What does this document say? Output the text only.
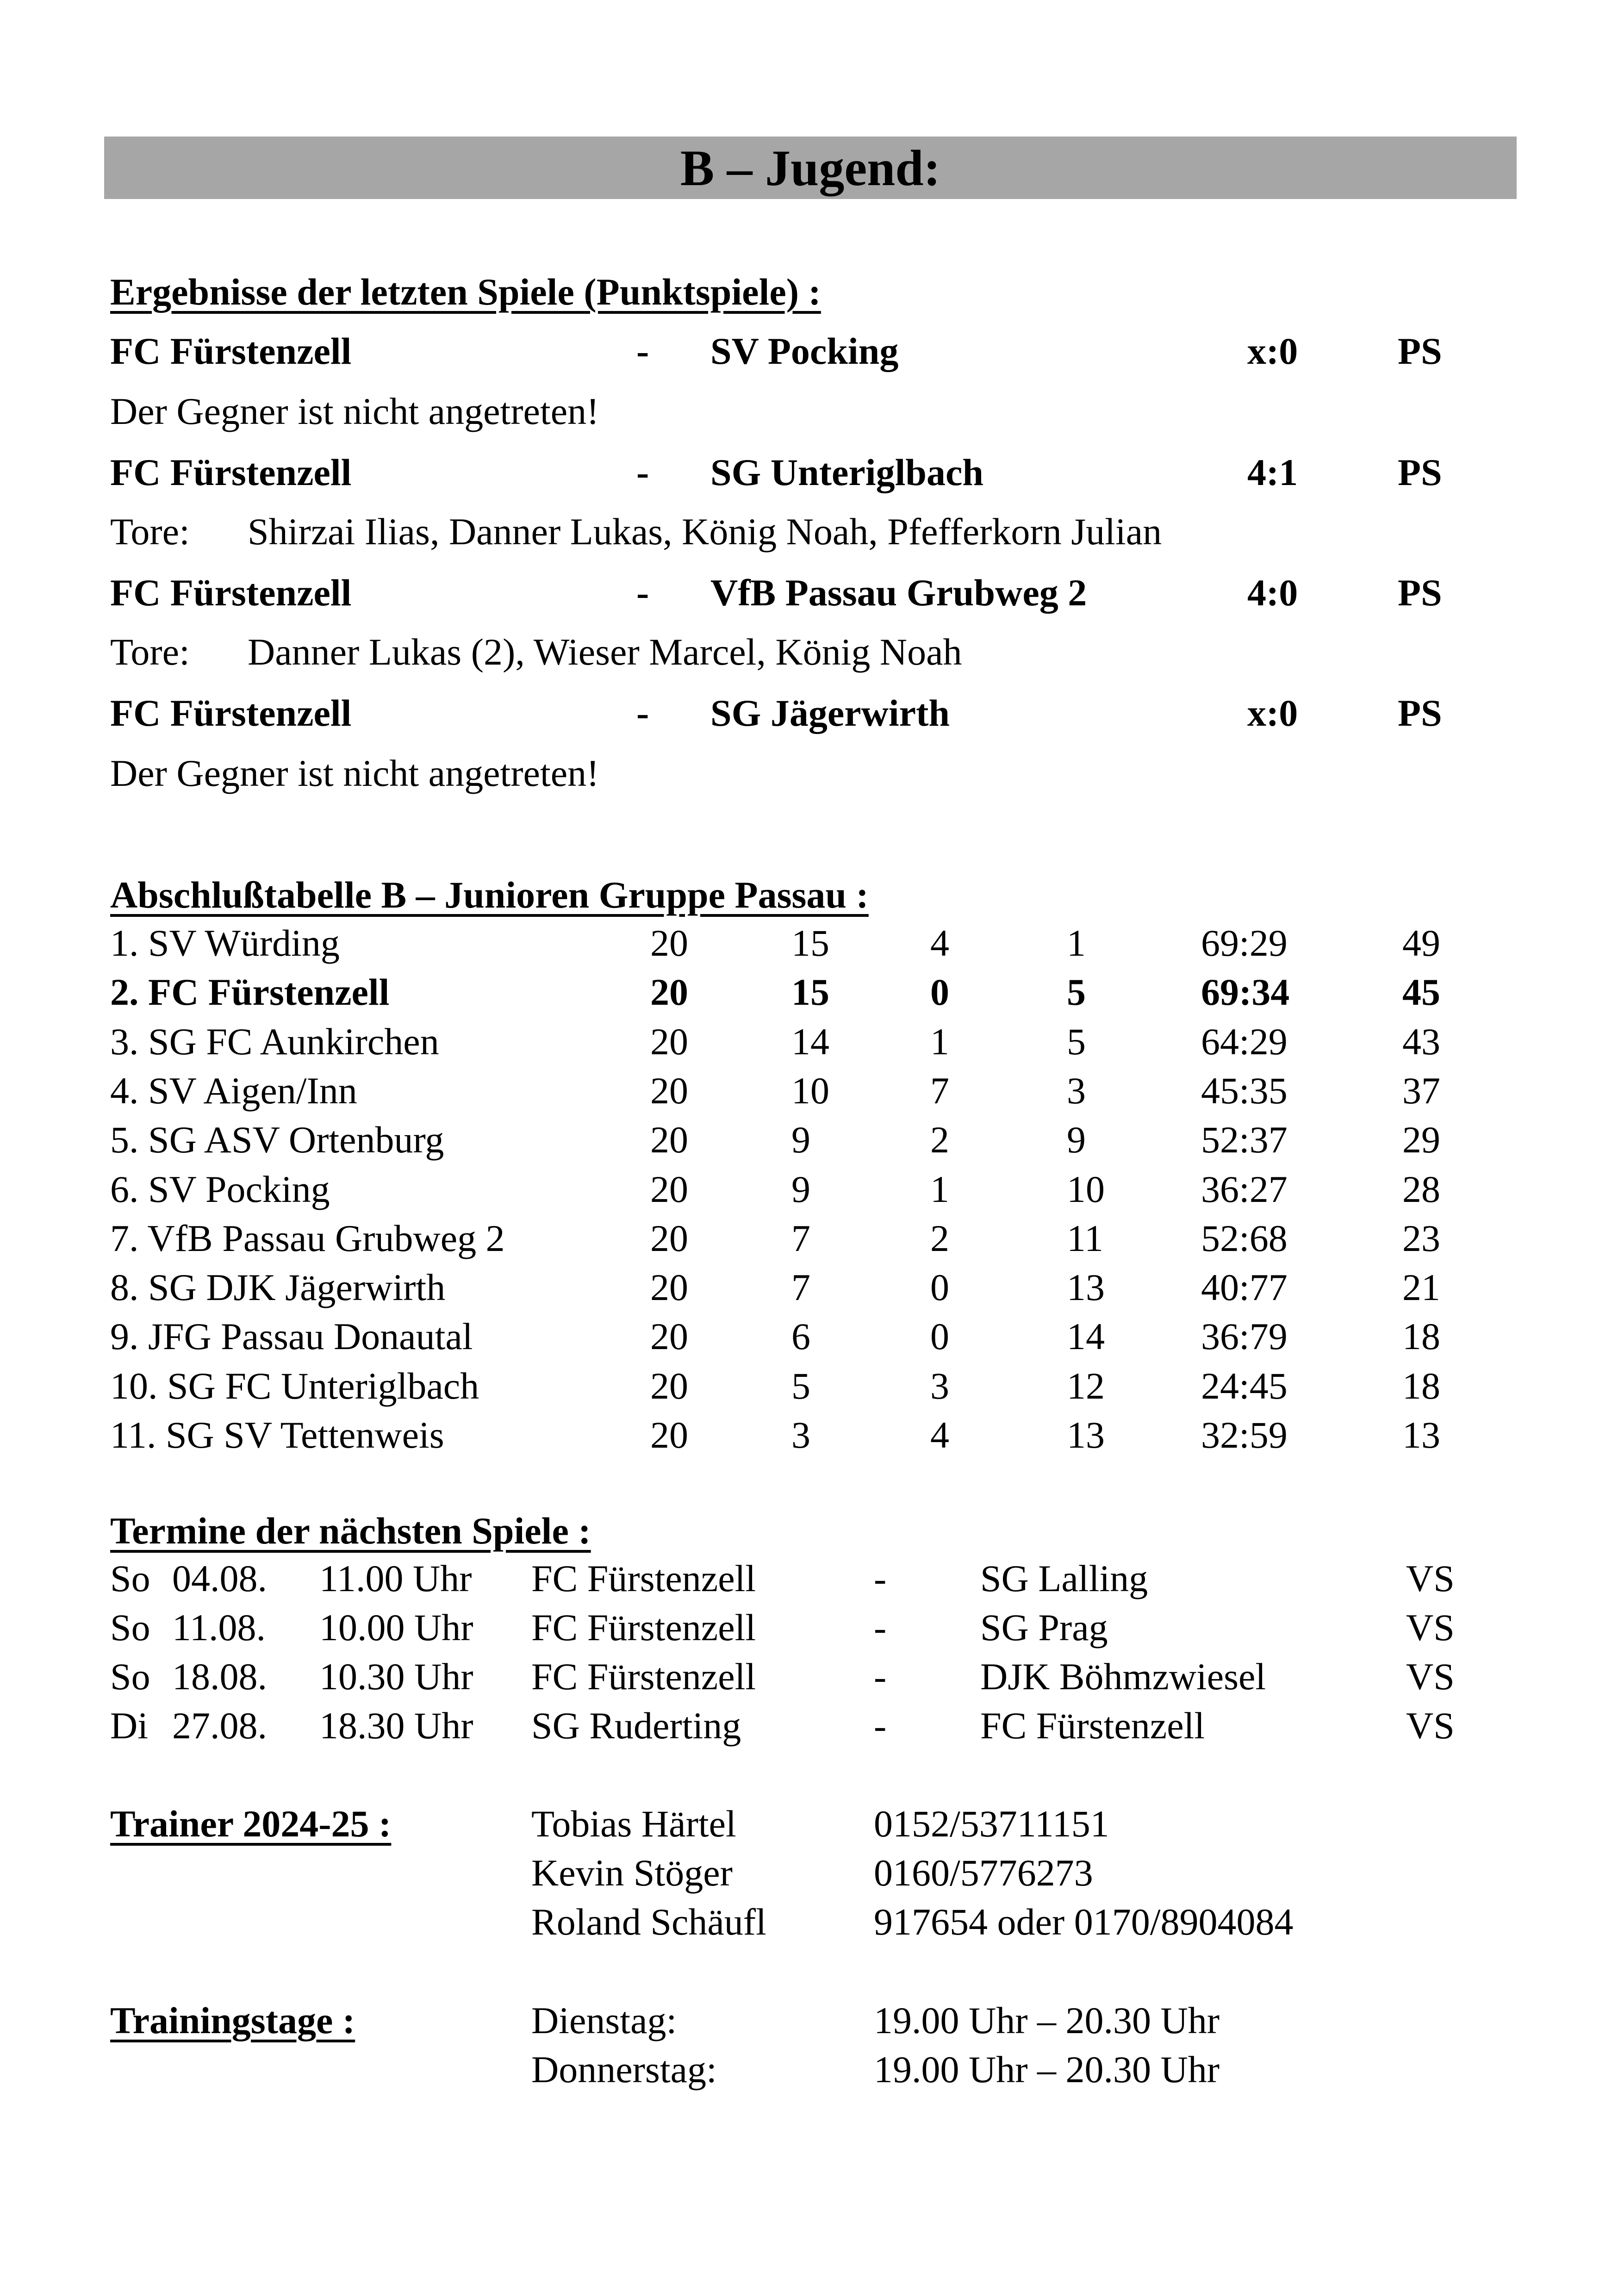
B – Jugend:
Ergebnisse der letzten Spiele (Punktspiele) :
FC Fürstenzell	- SV Pocking	x:0	PS
Der Gegner ist nicht angetreten!
FC Fürstenzell	- SG Unteriglbach	4:1	PS
Tore: Shirzai Ilias, Danner Lukas, König Noah, Pfefferkorn Julian
FC Fürstenzell	- VfB Passau Grubweg 2	4:0	PS
Tore: Danner Lukas (2), Wieser Marcel, König Noah
FC Fürstenzell	- SG Jägerwirth	x:0	PS
Der Gegner ist nicht angetreten!
Abschlußtabelle B – Junioren Gruppe Passau :
1. SV Würding	20	15	4	1	69:29	49
2. FC Fürstenzell	20	15	0	5	69:34	45
3. SG FC Aunkirchen	20	14	1	5	64:29	43
4. SV Aigen/Inn	20	10	7	3	45:35	37
5. SG ASV Ortenburg	20	9	2	9	52:37	29
6. SV Pocking	20	9	1	10	36:27	28
7. VfB Passau Grubweg 2	20	7	2	11	52:68	23
8. SG DJK Jägerwirth	20	7	0	13	40:77	21
9. JFG Passau Donautal	20	6	0	14	36:79	18
10. SG FC Unteriglbach	20	5	3	12	24:45	18
11. SG SV Tettenweis	20	3	4	13	32:59	13
Termine der nächsten Spiele :
So 04.08. 11.00 Uhr FC Fürstenzell	- SG Lalling	VS
So 11.08. 10.00 Uhr FC Fürstenzell	- SG Prag	VS
So 18.08. 10.30 Uhr FC Fürstenzell	- DJK Böhmzwiesel	VS
Di 27.08. 18.30 Uhr SG Ruderting	- FC Fürstenzell	VS
Trainer 2024-25 :	Tobias Härtel	0152/53711151
Kevin Stöger	0160/5776273
Roland Schäufl	917654 oder 0170/8904084
Trainingstage :	Dienstag:	19.00 Uhr – 20.30 Uhr
Donnerstag:	19.00 Uhr – 20.30 Uhr
